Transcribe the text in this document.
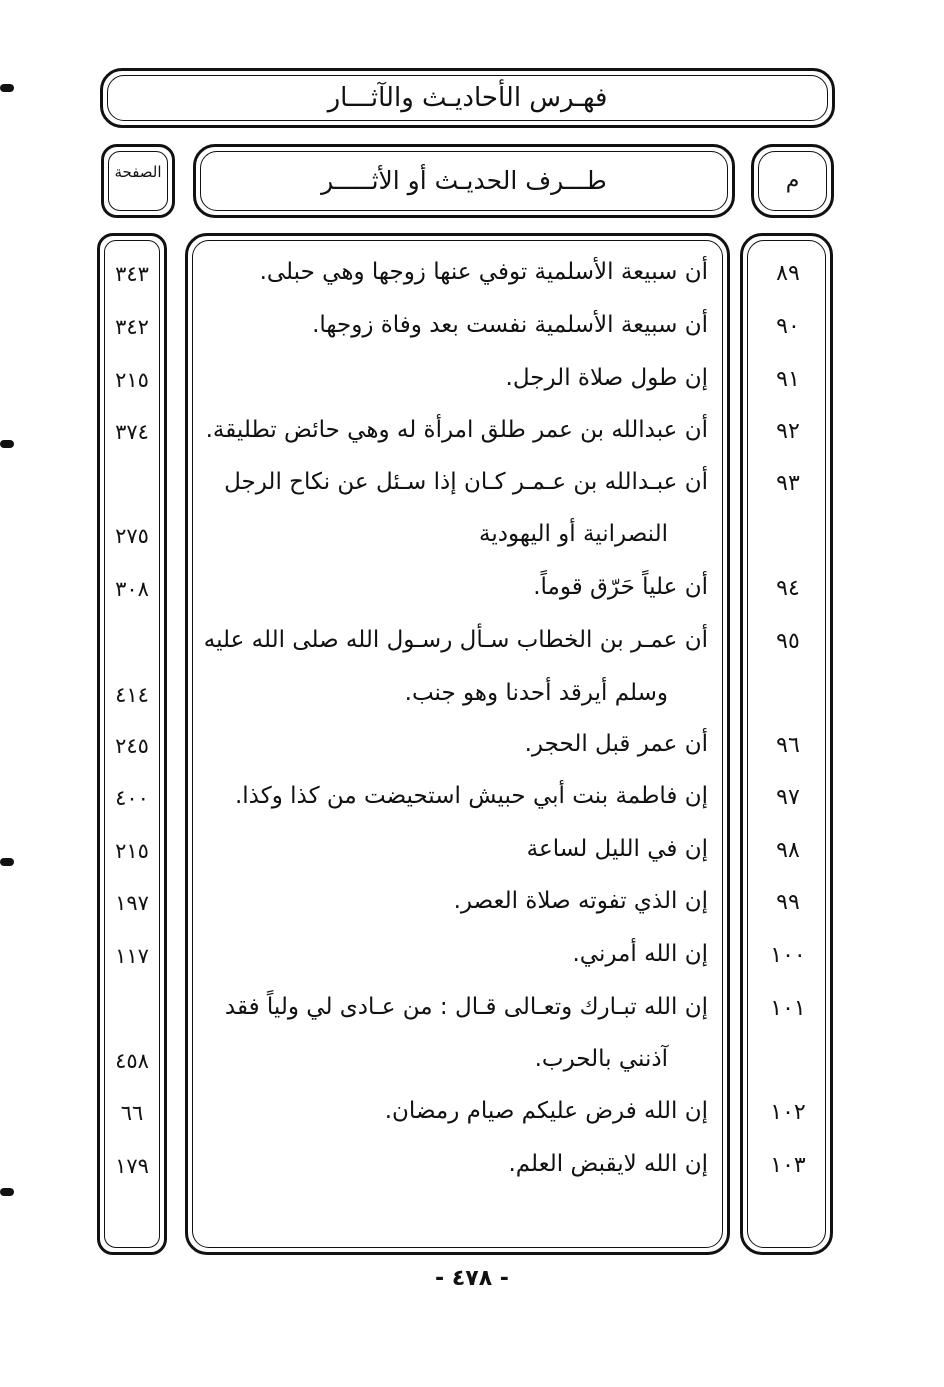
فهـرس الأحاديـث والآثـــار
م
طـــرف الحديـث أو الأثـــــر
الصفحة
٨٩
أن سبيعة الأسلمية توفي عنها زوجها وهي حبلى.
٣٤٣
٩٠
أن سبيعة الأسلمية نفست بعد وفاة زوجها.
٣٤٢
٩١
إن طول صلاة الرجل.
٢١٥
٩٢
أن عبدالله بن عمر طلق امرأة له وهي حائض تطليقة.
٣٧٤
٩٣
أن عبـدالله بن عـمـر كـان إذا سـئل عن نكاح الرجل
النصرانية أو اليهودية
٢٧٥
٩٤
أن علياً حَرّق قوماً.
٣٠٨
٩٥
أن عمـر بن الخطاب سـأل رسـول الله صلى الله عليه
وسلم أيرقد أحدنا وهو جنب.
٤١٤
٩٦
أن عمر قبل الحجر.
٢٤٥
٩٧
إن فاطمة بنت أبي حبيش استحيضت من كذا وكذا.
٤٠٠
٩٨
إن في الليل لساعة
٢١٥
٩٩
إن الذي تفوته صلاة العصر.
١٩٧
١٠٠
إن الله أمرني.
١١٧
١٠١
إن الله تبـارك وتعـالى قـال : من عـادى لي ولياً فقد
آذنني بالحرب.
٤٥٨
١٠٢
إن الله فرض عليكم صيام رمضان.
٦٦
١٠٣
إن الله لايقبض العلم.
١٧٩
- ٤٧٨ -
